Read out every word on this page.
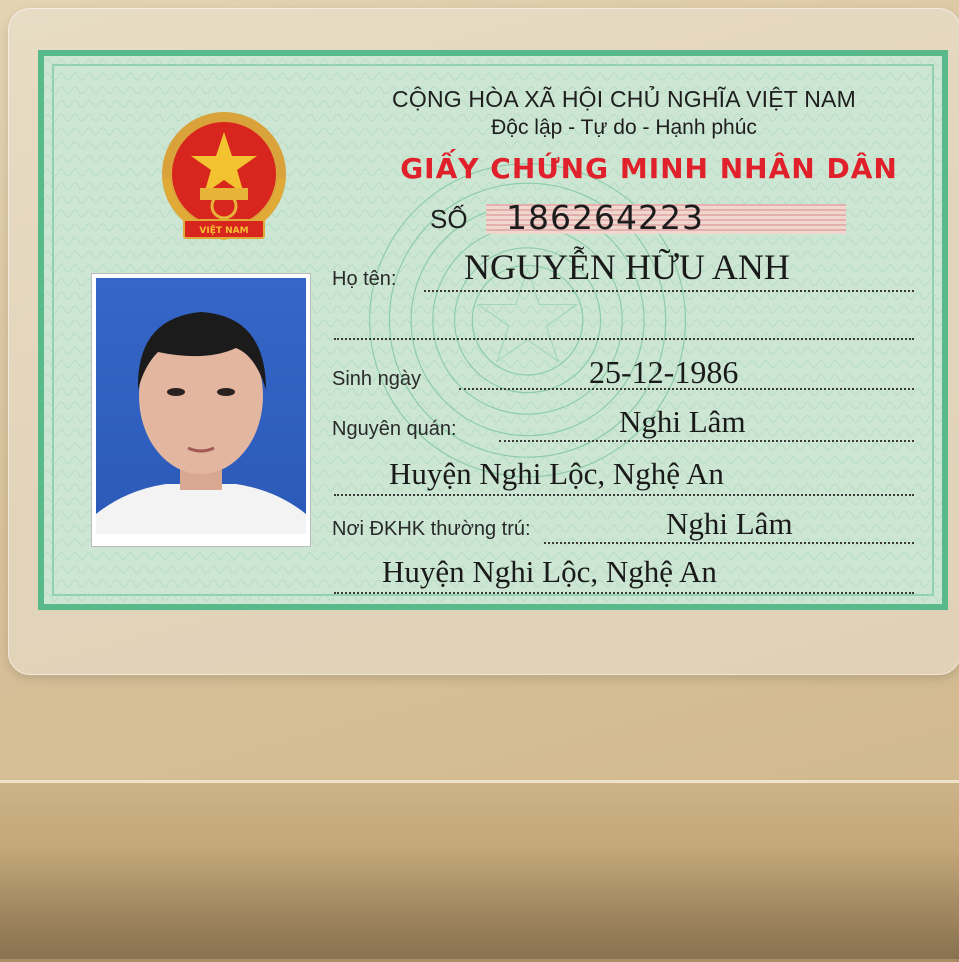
VIỆT NAM
CỘNG HÒA XÃ HỘI CHỦ NGHĨA VIỆT NAM
Độc lập - Tự do - Hạnh phúc
GIẤY CHỨNG MINH NHÂN DÂN
SỐ 186264223
Họ tên: NGUYỄN HỮU ANH
Sinh ngày	25-12-1986
Nguyên quán:	Nghi Lâm
Huyện Nghi Lộc, Nghệ An
Nơi ĐKHK thường trú:	Nghi Lâm
Huyện Nghi Lộc, Nghệ An
